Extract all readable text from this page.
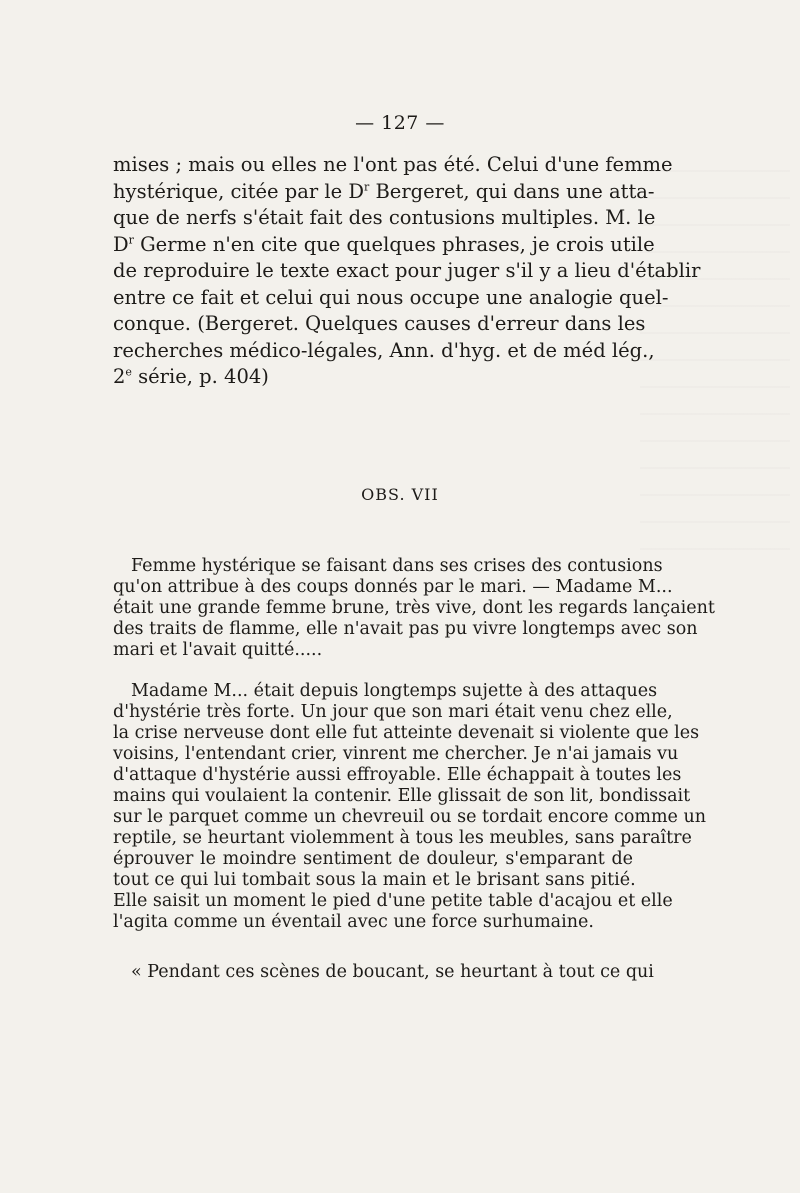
— 127 —
mises ; mais ou elles ne l'ont pas été. Celui d'une femme
hystérique, citée par le $D^r$ Bergeret, qui dans une atta-
que de nerfs s'était fait des contusions multiples. M. le
$D^r$ Germe n'en cite que quelques phrases, je crois utile
de reproduire le texte exact pour juger s'il y a lieu d'établir
entre ce fait et celui qui nous occupe une analogie quel-
conque. (Bergeret. Quelques causes d'erreur dans les
recherches médico-légales, Ann. d'hyg. et de méd lég.,
2e série, p. 404)
OBS. VII
Femme hystérique se faisant dans ses crises des contusions
qu'on attribue à des coups donnés par le mari. — Madame M...
était une grande femme brune, très vive, dont les regards lançaient
des traits de flamme, elle n'avait pas pu vivre longtemps avec son
mari et l'avait quitté.....
Madame M... était depuis longtemps sujette à des attaques
d'hystérie très forte. Un jour que son mari était venu chez elle,
la crise nerveuse dont elle fut atteinte devenait si violente que les
voisins, l'entendant crier, vinrent me chercher. Je n'ai jamais vu
d'attaque d'hystérie aussi effroyable. Elle échappait à toutes les
mains qui voulaient la contenir. Elle glissait de son lit, bondissait
sur le parquet comme un chevreuil ou se tordait encore comme un
reptile, se heurtant violemment à tous les meubles, sans paraître
éprouver le moindre sentiment de douleur, s'emparant de
tout ce qui lui tombait sous la main et le brisant sans pitié.
Elle saisit un moment le pied d'une petite table d'acajou et elle
l'agita comme un éventail avec une force surhumaine.
« Pendant ces scènes de boucant, se heurtant à tout ce qui
